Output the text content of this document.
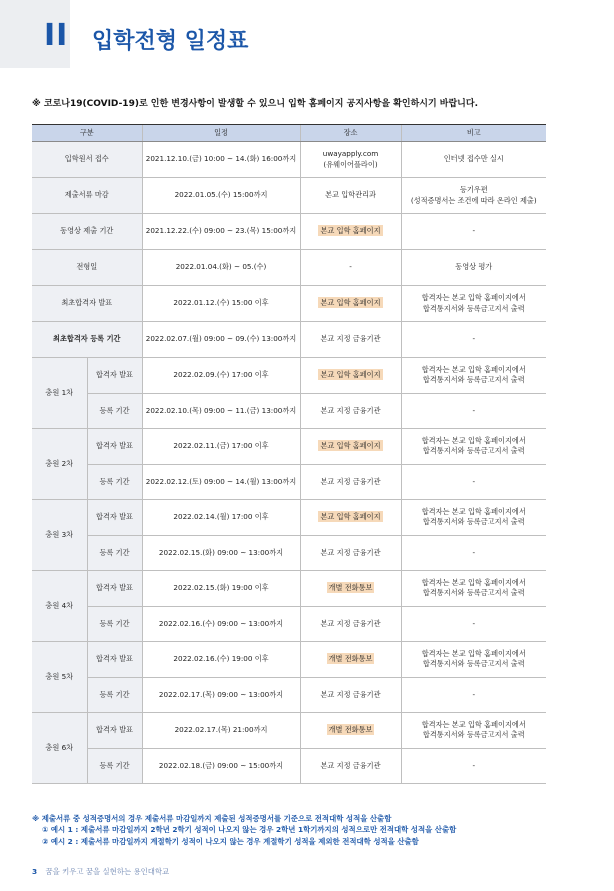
II 입학전형 일정표
※ 코로나19(COVID-19)로 인한 변경사항이 발생할 수 있으니 입학 홈페이지 공지사항을 확인하시기 바랍니다.
구분		일정	장소	비고
입학원서 접수		2021.12.10.(금) 10:00 ~ 14.(화) 16:00까지	uwayapply.com
(유웨이어플라이)	인터넷 접수만 실시
제출서류 마감		2022.01.05.(수) 15:00까지	본교 입학관리과	등기우편
(성적증명서는 조건에 따라 온라인 제출)

동영상 제출 기간		2021.12.22.(수) 09:00 ~ 23.(목) 15:00까지	본교 입학 홈페이지	-
전형일		2022.01.04.(화) ~ 05.(수)	-	동영상 평가
최초합격자 발표		2022.01.12.(수) 15:00 이후	본교 입학 홈페이지	합격자는 본교 입학 홈페이지에서
합격통지서와 등록금고지서 출력

최초합격자 등록 기간		2022.02.07.(월) 09:00 ~ 09.(수) 13:00까지	본교 지정 금융기관	-
충원 1차	합격자 발표	2022.02.09.(수) 17:00 이후	본교 입학 홈페이지	합격자는 본교 입학 홈페이지에서
합격통지서와 등록금고지서 출력

	등록 기간	2022.02.10.(목) 09:00 ~ 11.(금) 13:00까지	본교 지정 금융기관	-
충원 2차	합격자 발표	2022.02.11.(금) 17:00 이후	본교 입학 홈페이지	합격자는 본교 입학 홈페이지에서
합격통지서와 등록금고지서 출력

	등록 기간	2022.02.12.(토) 09:00 ~ 14.(월) 13:00까지	본교 지정 금융기관	-
충원 3차	합격자 발표	2022.02.14.(월) 17:00 이후	본교 입학 홈페이지	합격자는 본교 입학 홈페이지에서
합격통지서와 등록금고지서 출력

	등록 기간	2022.02.15.(화) 09:00 ~ 13:00까지	본교 지정 금융기관	-
충원 4차	합격자 발표	2022.02.15.(화) 19:00 이후	개별 전화통보	합격자는 본교 입학 홈페이지에서
합격통지서와 등록금고지서 출력

	등록 기간	2022.02.16.(수) 09:00 ~ 13:00까지	본교 지정 금융기관	-
충원 5차	합격자 발표	2022.02.16.(수) 19:00 이후	개별 전화통보	합격자는 본교 입학 홈페이지에서
합격통지서와 등록금고지서 출력

	등록 기간	2022.02.17.(목) 09:00 ~ 13:00까지	본교 지정 금융기관	-
충원 6차	합격자 발표	2022.02.17.(목) 21:00까지	개별 전화통보	합격자는 본교 입학 홈페이지에서
합격통지서와 등록금고지서 출력

	등록 기간	2022.02.18.(금) 09:00 ~ 15:00까지	본교 지정 금융기관	-
※ 제출서류 중 성적증명서의 경우 제출서류 마감일까지 제출된 성적증명서를 기준으로 전적대학 성적을 산출함
① 예시 1 : 제출서류 마감일까지 2학년 2학기 성적이 나오지 않는 경우 2학년 1학기까지의 성적으로만 전적대학 성적을 산출함
② 예시 2 : 제출서류 마감일까지 계절학기 성적이 나오지 않는 경우 계절학기 성적을 제외한 전적대학 성적을 산출함
3 꿈을 키우고 꿈을 실현하는 용인대학교
